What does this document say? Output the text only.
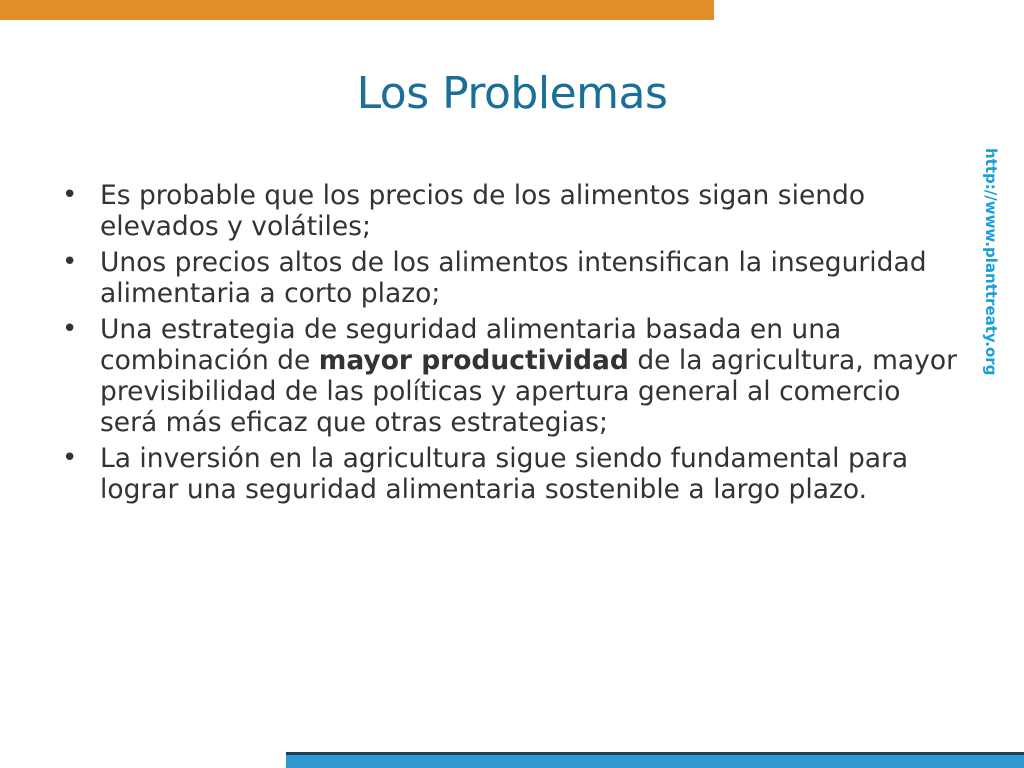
Los Problemas
http://www.planttreaty.org
• Es probable que los precios de los alimentos sigan siendo elevados y volátiles;
• Unos precios altos de los alimentos intensifican la inseguridad alimentaria a corto plazo;
• Una estrategia de seguridad alimentaria basada en una combinación de mayor productividad de la agricultura, mayor previsibilidad de las políticas y apertura general al comercio será más eficaz que otras estrategias;
• La inversión en la agricultura sigue siendo fundamental para lograr una seguridad alimentaria sostenible a largo plazo.
